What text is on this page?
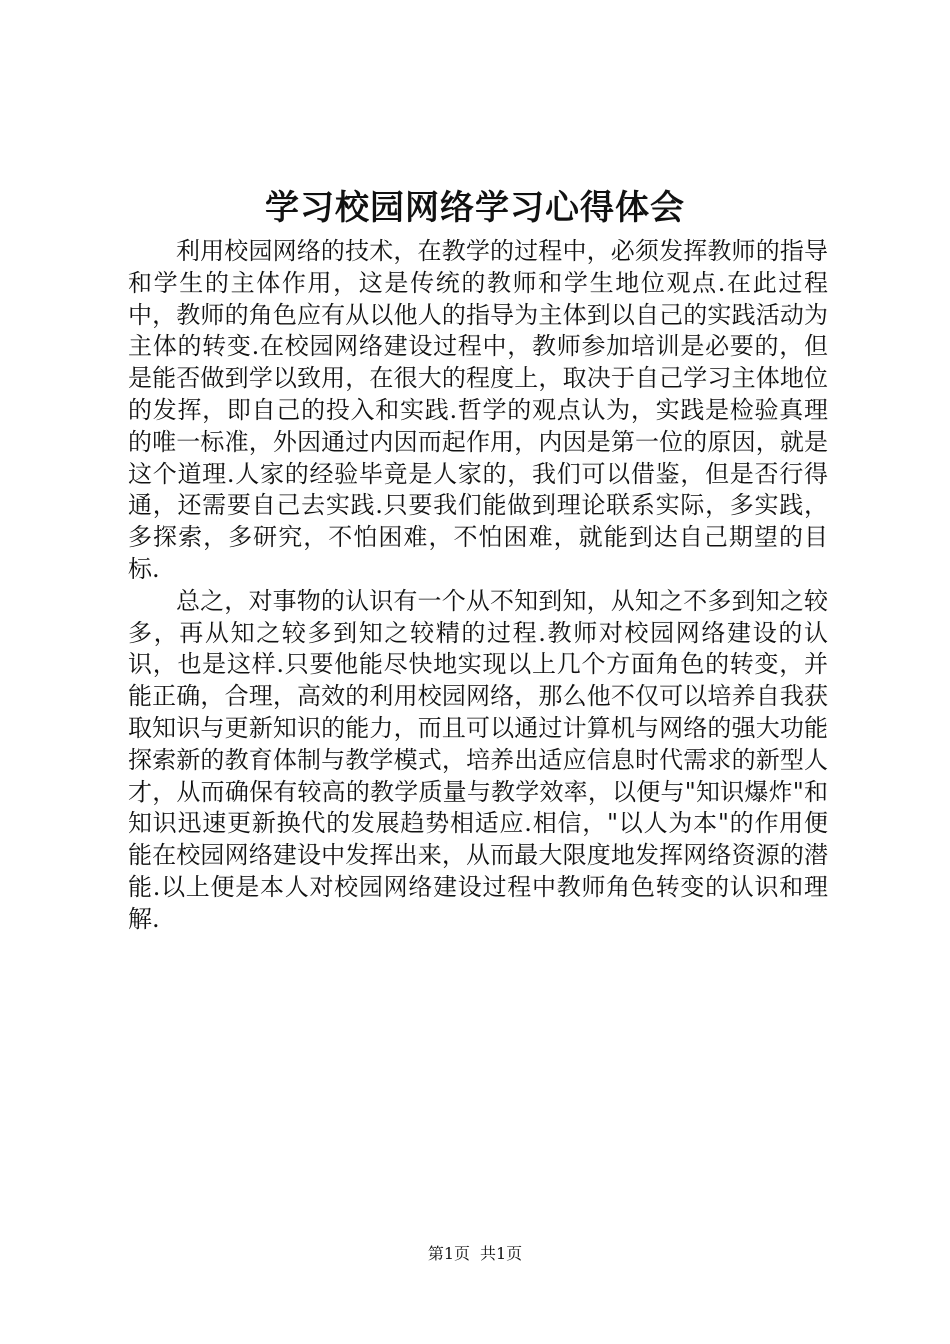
学习校园网络学习心得体会

利用校园网络的技术，在教学的过程中，必须发挥教师的指导和学生的主体作用，这是传统的教师和学生地位观点.在此过程中，教师的角色应有从以他人的指导为主体到以自己的实践活动为主体的转变.在校园网络建设过程中，教师参加培训是必要的，但是能否做到学以致用，在很大的程度上，取决于自己学习主体地位的发挥，即自己的投入和实践.哲学的观点认为，实践是检验真理的唯一标准，外因通过内因而起作用，内因是第一位的原因，就是这个道理.人家的经验毕竟是人家的，我们可以借鉴，但是否行得通，还需要自己去实践.只要我们能做到理论联系实际，多实践，多探索，多研究，不怕困难，不怕困难，就能到达自己期望的目标.

总之，对事物的认识有一个从不知到知，从知之不多到知之较多，再从知之较多到知之较精的过程.教师对校园网络建设的认识，也是这样.只要他能尽快地实现以上几个方面角色的转变，并能正确，合理，高效的利用校园网络，那么他不仅可以培养自我获取知识与更新知识的能力，而且可以通过计算机与网络的强大功能探索新的教育体制与教学模式，培养出适应信息时代需求的新型人才，从而确保有较高的教学质量与教学效率，以便与"知识爆炸"和知识迅速更新换代的发展趋势相适应.相信，"以人为本"的作用便能在校园网络建设中发挥出来，从而最大限度地发挥网络资源的潜能.以上便是本人对校园网络建设过程中教师角色转变的认识和理解.

第1页 共1页
